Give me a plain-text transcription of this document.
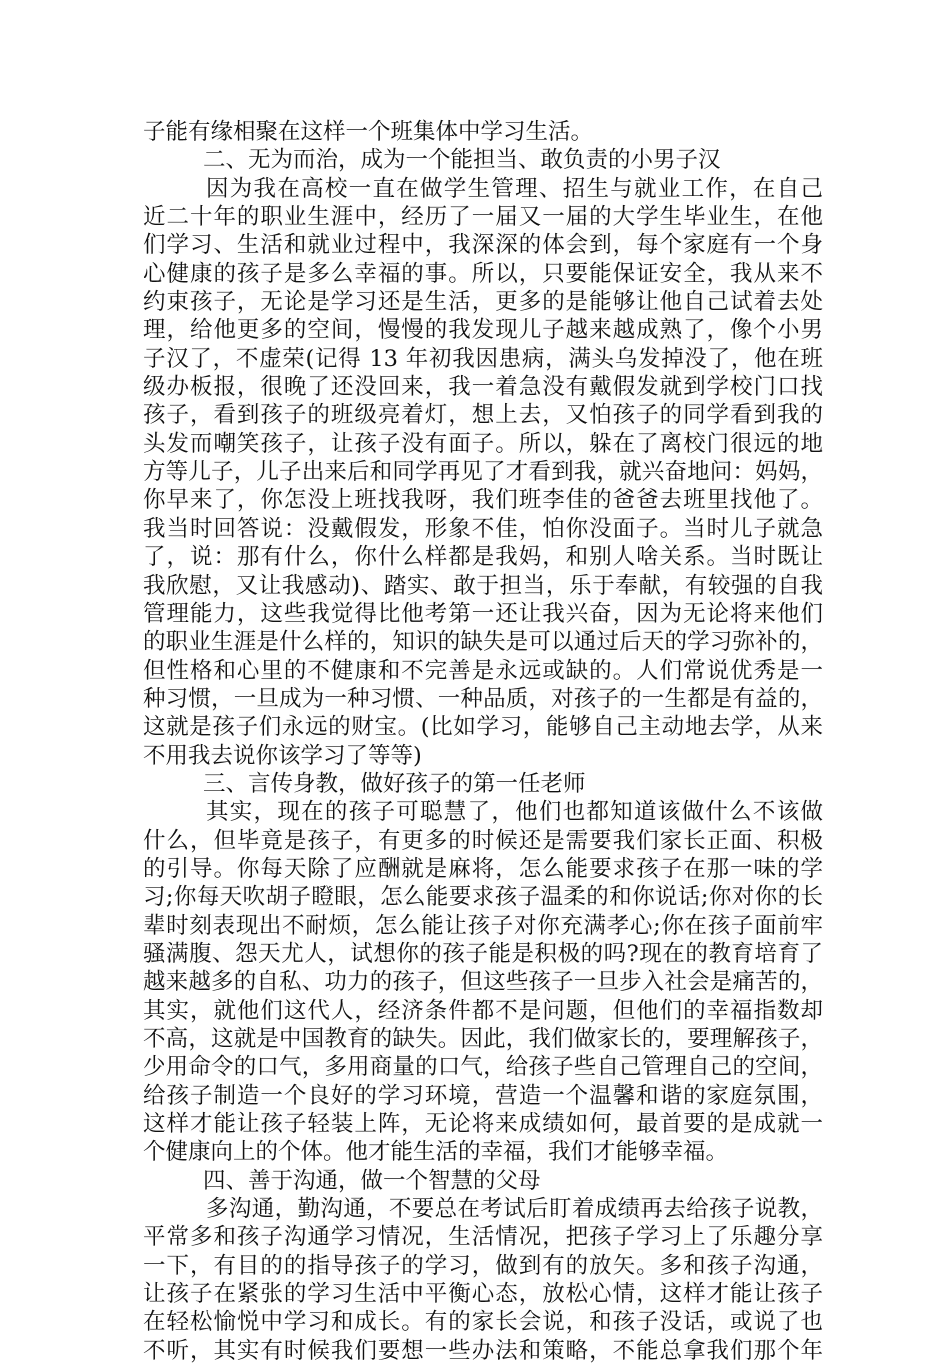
子能有缘相聚在这样一个班集体中学习生活。
二、无为而治，成为一个能担当、敢负责的小男子汉
因为我在高校一直在做学生管理、招生与就业工作，在自己
近二十年的职业生涯中，经历了一届又一届的大学生毕业生，在他
们学习、生活和就业过程中，我深深的体会到，每个家庭有一个身
心健康的孩子是多么幸福的事。所以，只要能保证安全，我从来不
约束孩子，无论是学习还是生活，更多的是能够让他自己试着去处
理，给他更多的空间，慢慢的我发现儿子越来越成熟了，像个小男
子汉了，不虚荣(记得 13 年初我因患病，满头乌发掉没了，他在班
级办板报，很晚了还没回来，我一着急没有戴假发就到学校门口找
孩子，看到孩子的班级亮着灯，想上去，又怕孩子的同学看到我的
头发而嘲笑孩子，让孩子没有面子。所以，躲在了离校门很远的地
方等儿子，儿子出来后和同学再见了才看到我，就兴奋地问：妈妈，
你早来了，你怎没上班找我呀，我们班李佳的爸爸去班里找他了。
我当时回答说：没戴假发，形象不佳，怕你没面子。当时儿子就急
了，说：那有什么，你什么样都是我妈，和别人啥关系。当时既让
我欣慰，又让我感动)、踏实、敢于担当，乐于奉献，有较强的自我
管理能力，这些我觉得比他考第一还让我兴奋，因为无论将来他们
的职业生涯是什么样的，知识的缺失是可以通过后天的学习弥补的，
但性格和心里的不健康和不完善是永远或缺的。人们常说优秀是一
种习惯，一旦成为一种习惯、一种品质，对孩子的一生都是有益的，
这就是孩子们永远的财宝。(比如学习，能够自己主动地去学，从来
不用我去说你该学习了等等)
三、言传身教，做好孩子的第一任老师
其实，现在的孩子可聪慧了，他们也都知道该做什么不该做
什么，但毕竟是孩子，有更多的时候还是需要我们家长正面、积极
的引导。你每天除了应酬就是麻将，怎么能要求孩子在那一味的学
习;你每天吹胡子瞪眼，怎么能要求孩子温柔的和你说话;你对你的长
辈时刻表现出不耐烦，怎么能让孩子对你充满孝心;你在孩子面前牢
骚满腹、怨天尤人，试想你的孩子能是积极的吗?现在的教育培育了
越来越多的自私、功力的孩子，但这些孩子一旦步入社会是痛苦的，
其实，就他们这代人，经济条件都不是问题，但他们的幸福指数却
不高，这就是中国教育的缺失。因此，我们做家长的，要理解孩子，
少用命令的口气，多用商量的口气，给孩子些自己管理自己的空间，
给孩子制造一个良好的学习环境，营造一个温馨和谐的家庭氛围，
这样才能让孩子轻装上阵，无论将来成绩如何，最首要的是成就一
个健康向上的个体。他才能生活的幸福，我们才能够幸福。
四、善于沟通，做一个智慧的父母
多沟通，勤沟通，不要总在考试后盯着成绩再去给孩子说教，
平常多和孩子沟通学习情况，生活情况，把孩子学习上了乐趣分享
一下，有目的的指导孩子的学习，做到有的放矢。多和孩子沟通，
让孩子在紧张的学习生活中平衡心态，放松心情，这样才能让孩子
在轻松愉悦中学习和成长。有的家长会说，和孩子没话，或说了也
不听，其实有时候我们要想一些办法和策略，不能总拿我们那个年
